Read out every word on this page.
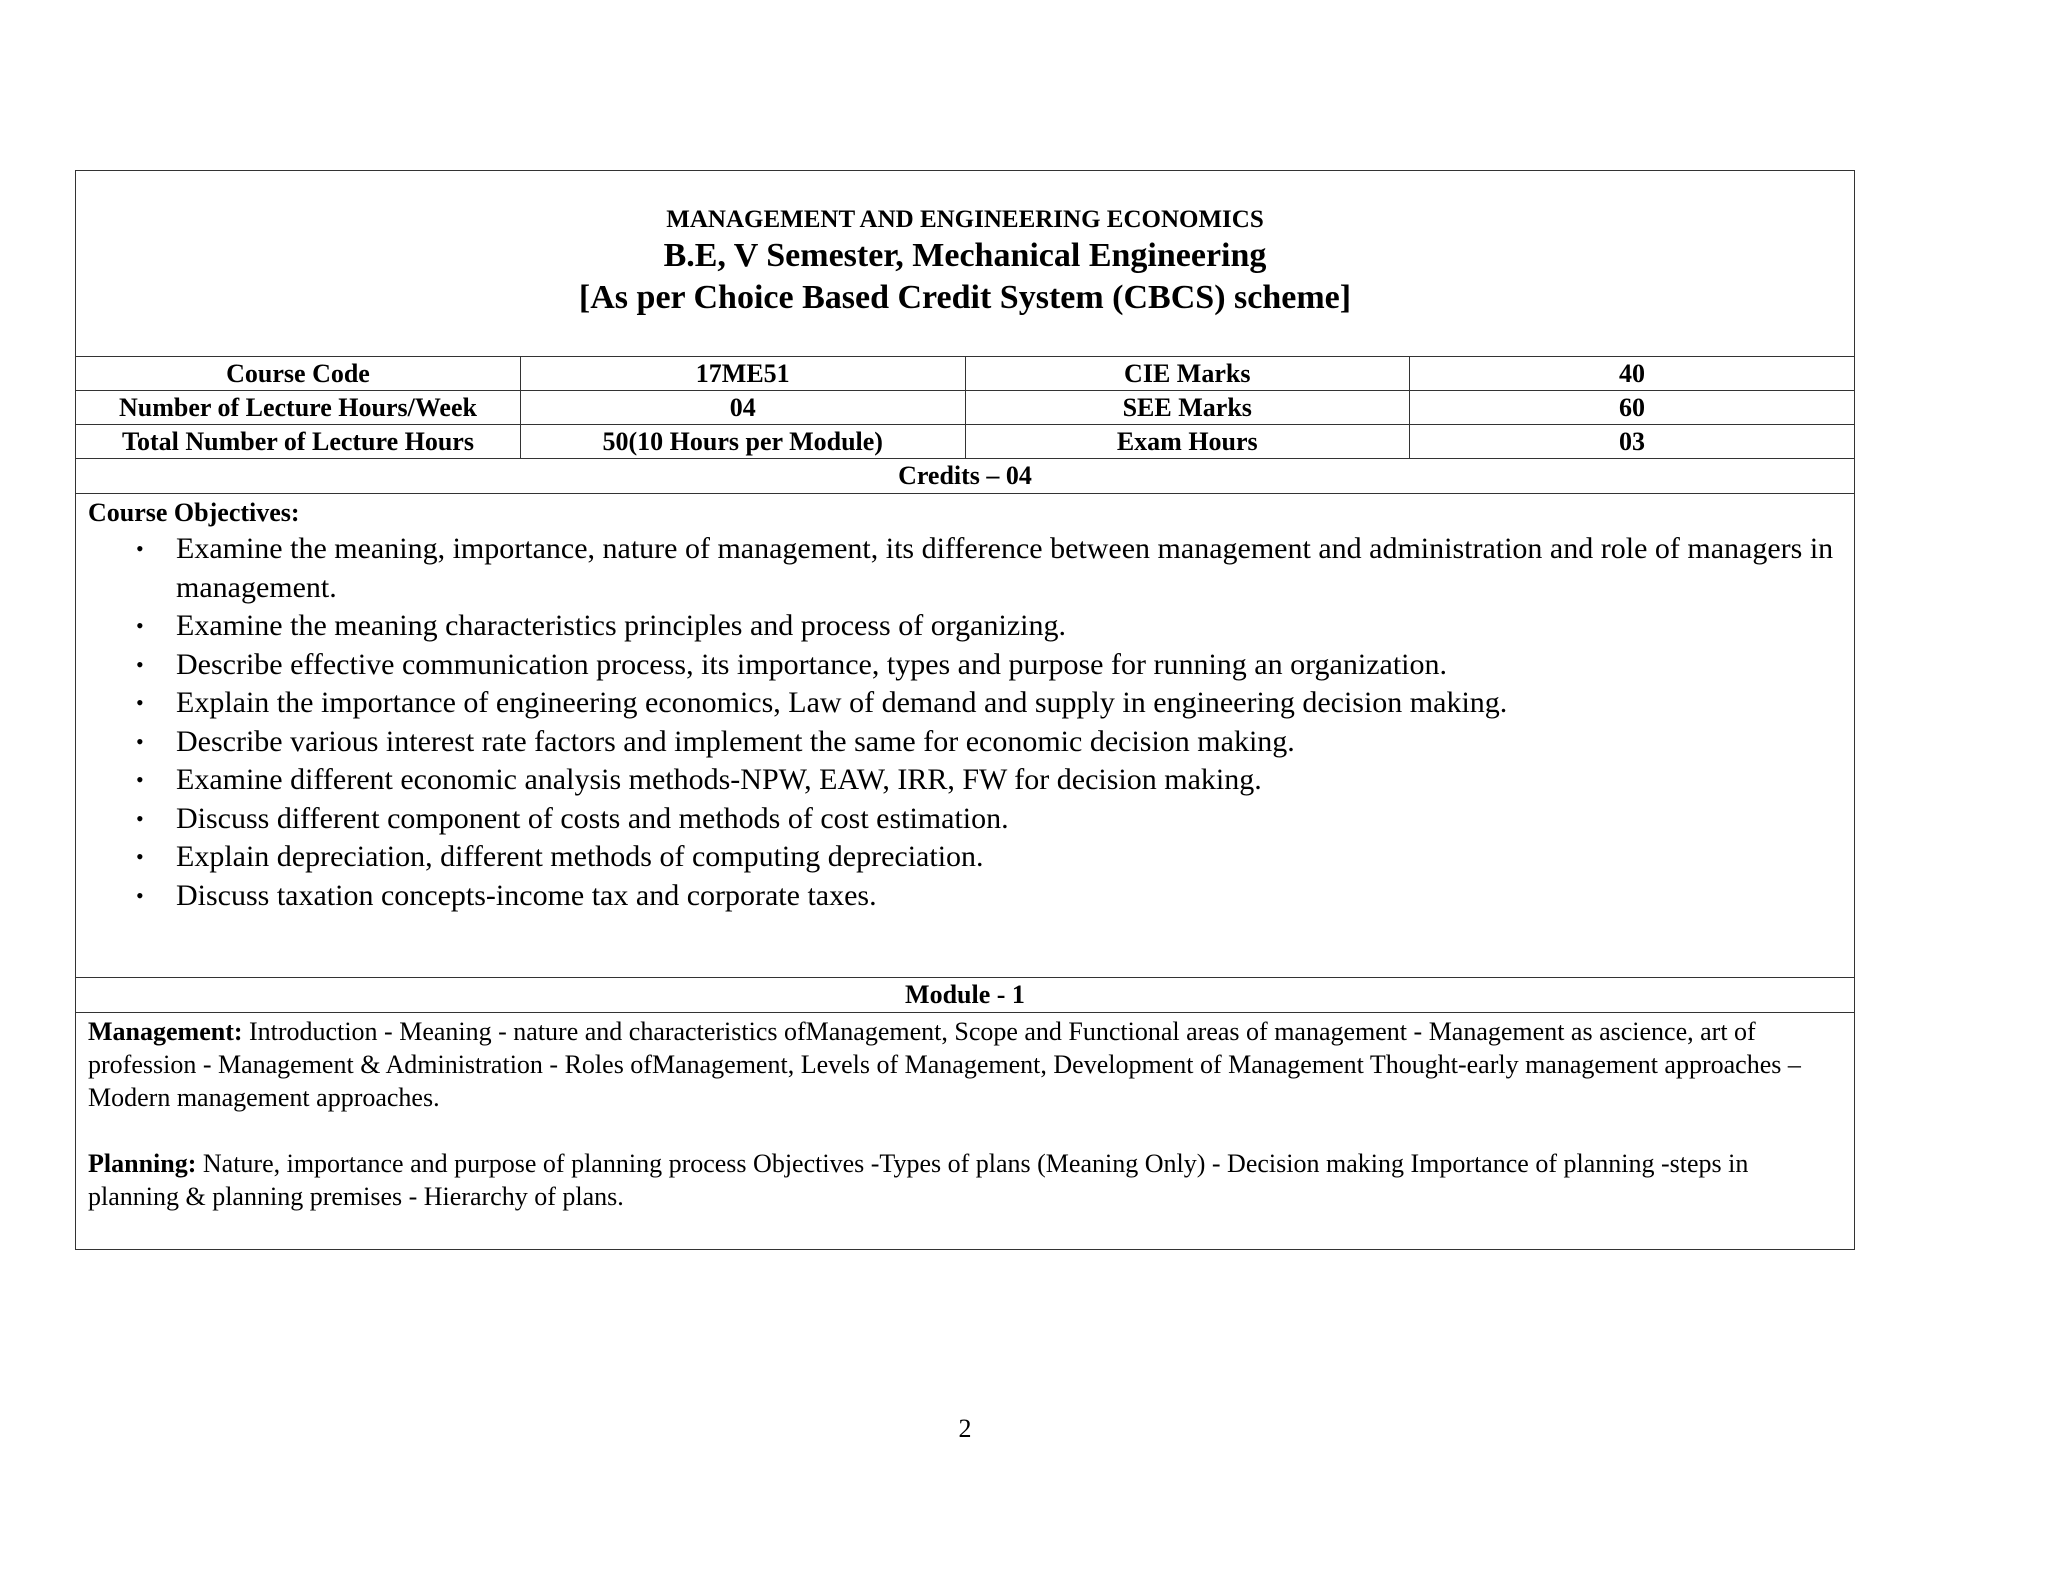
MANAGEMENT AND ENGINEERING ECONOMICS
B.E, V Semester, Mechanical Engineering
[As per Choice Based Credit System (CBCS) scheme]
Course Code	17ME51	CIE Marks	40
Number of Lecture Hours/Week	04	SEE Marks	60
Total Number of Lecture Hours	50(10 Hours per Module)	Exam Hours	03
Credits – 04
Course Objectives:
• Examine the meaning, importance, nature of management, its difference between management and administration and role of managers in management.
• Examine the meaning characteristics principles and process of organizing.
• Describe effective communication process, its importance, types and purpose for running an organization.
• Explain the importance of engineering economics, Law of demand and supply in engineering decision making.
• Describe various interest rate factors and implement the same for economic decision making.
• Examine different economic analysis methods-NPW, EAW, IRR, FW for decision making.
• Discuss different component of costs and methods of cost estimation.
• Explain depreciation, different methods of computing depreciation.
• Discuss taxation concepts-income tax and corporate taxes.
Module - 1

Management: Introduction - Meaning - nature and characteristics ofManagement, Scope and Functional areas of management - Management as ascience, art of profession - Management & Administration - Roles ofManagement, Levels of Management, Development of Management Thought-early management approaches – Modern management approaches.

Planning: Nature, importance and purpose of planning process Objectives -Types of plans (Meaning Only) - Decision making Importance of planning -steps in planning & planning premises - Hierarchy of plans.

2
